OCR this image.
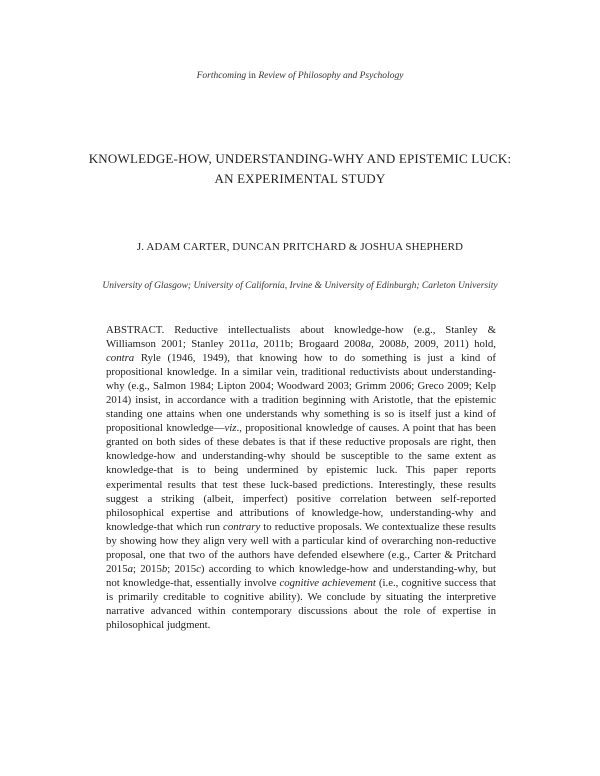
Forthcoming in Review of Philosophy and Psychology
KNOWLEDGE-HOW, UNDERSTANDING-WHY AND EPISTEMIC LUCK:
AN EXPERIMENTAL STUDY
J. ADAM CARTER, DUNCAN PRITCHARD & JOSHUA SHEPHERD
University of Glasgow; University of California, Irvine & University of Edinburgh; Carleton University
ABSTRACT. Reductive intellectualists about knowledge-how (e.g., Stanley & Williamson 2001; Stanley 2011a, 2011b; Brogaard 2008a, 2008b, 2009, 2011) hold, contra Ryle (1946, 1949), that knowing how to do something is just a kind of propositional knowledge. In a similar vein, traditional reductivists about understanding-why (e.g., Salmon 1984; Lipton 2004; Woodward 2003; Grimm 2006; Greco 2009; Kelp 2014) insist, in accordance with a tradition beginning with Aristotle, that the epistemic standing one attains when one understands why something is so is itself just a kind of propositional knowledge—viz., propositional knowledge of causes. A point that has been granted on both sides of these debates is that if these reductive proposals are right, then knowledge-how and understanding-why should be susceptible to the same extent as knowledge-that is to being undermined by epistemic luck. This paper reports experimental results that test these luck-based predictions. Interestingly, these results suggest a striking (albeit, imperfect) positive correlation between self-reported philosophical expertise and attributions of knowledge-how, understanding-why and knowledge-that which run contrary to reductive proposals. We contextualize these results by showing how they align very well with a particular kind of overarching non-reductive proposal, one that two of the authors have defended elsewhere (e.g., Carter & Pritchard 2015a; 2015b; 2015c) according to which knowledge-how and understanding-why, but not knowledge-that, essentially involve cognitive achievement (i.e., cognitive success that is primarily creditable to cognitive ability). We conclude by situating the interpretive narrative advanced within contemporary discussions about the role of expertise in philosophical judgment.
